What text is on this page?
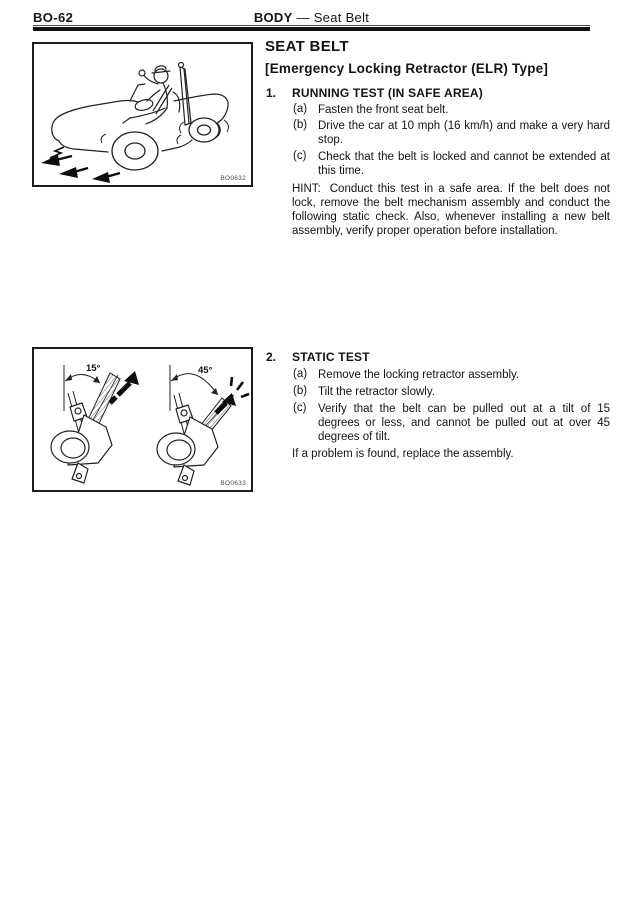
BO-62	BODY — Seat Belt
BO0632
15°	45°
BO0633
SEAT BELT
[Emergency Locking Retractor (ELR) Type]
1. RUNNING TEST (IN SAFE AREA)
(a) Fasten the front seat belt.
(b) Drive the car at 10 mph (16 km/h) and make a very hard stop.
(c) Check that the belt is locked and cannot be extended at this time.
HINT: Conduct this test in a safe area. If the belt does not lock, remove the belt mechanism assembly and conduct the following static check. Also, whenever installing a new belt assembly, verify proper operation before installation.
2. STATIC TEST
(a) Remove the locking retractor assembly.
(b) Tilt the retractor slowly.
(c) Verify that the belt can be pulled out at a tilt of 15 degrees or less, and cannot be pulled out at over 45 degrees of tilt.
If a problem is found, replace the assembly.
